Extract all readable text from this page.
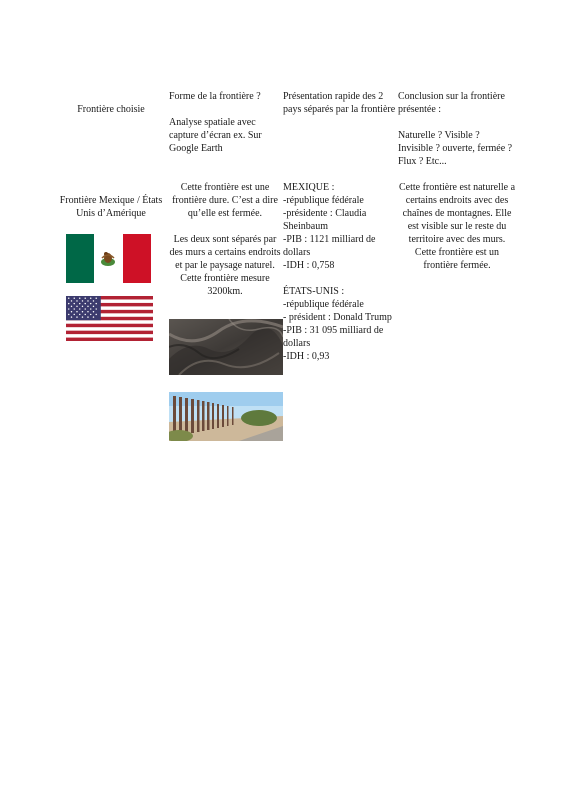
Frontière choisie
Forme de la frontière ?

Analyse spatiale avec capture d’écran ex. Sur Google Earth
Présentation rapide des 2 pays séparés par la frontière
Conclusion sur la frontière présentée :

Naturelle ? Visible ? Invisible ? ouverte, fermée ? Flux ? Etc...
Frontière Mexique / États Unis d’Amérique
Cette frontière est une frontière dure. C’est a dire qu’elle est fermée.

Les deux sont séparés par des murs a certains endroits et par le paysage naturel. Cette frontière mesure 3200km.
MEXIQUE :
-république fédérale
-présidente : Claudia Sheinbaum
-PIB : 1121 milliard de dollars
-IDH : 0,758

ÉTATS-UNIS :
-république fédérale
- président : Donald Trump
-PIB : 31 095 milliard de dollars
-IDH : 0,93
Cette frontière est naturelle a certains endroits avec des chaînes de montagnes. Elle est visible sur le reste du territoire avec des murs. Cette frontière est un frontière fermée.
